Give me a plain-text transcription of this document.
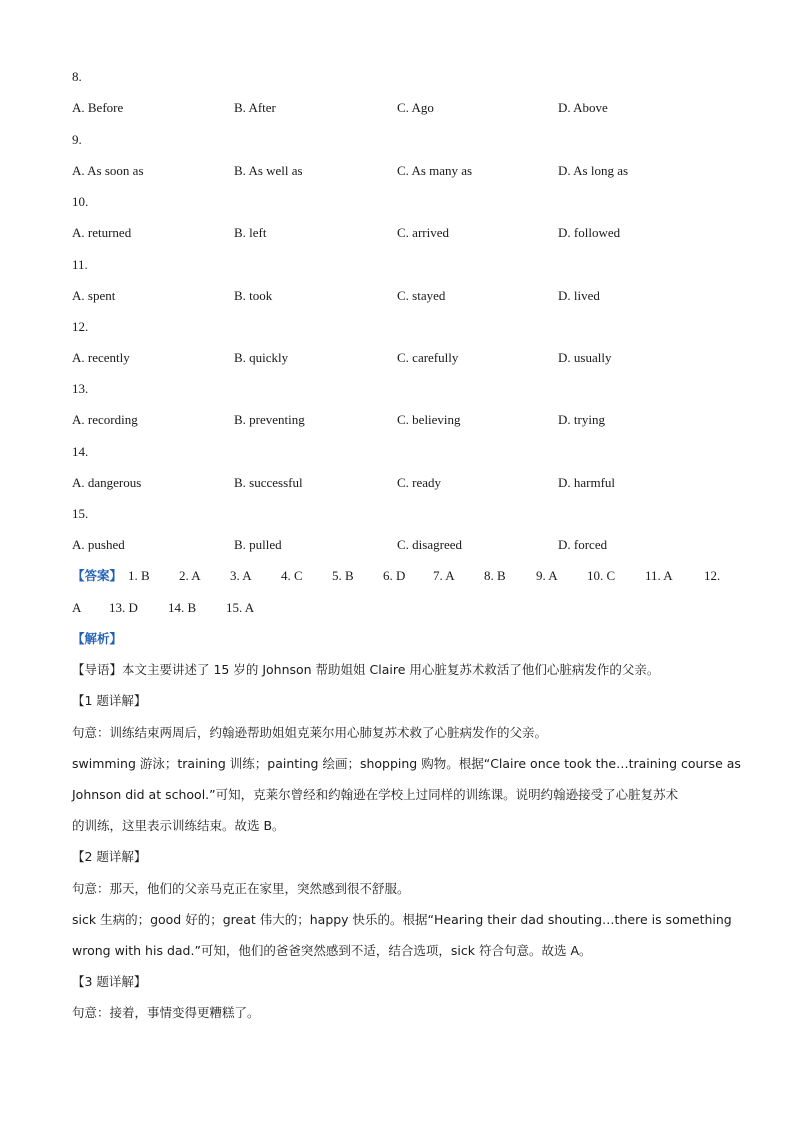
8.
A. Before	B. After	C. Ago	D. Above
9.
A. As soon as	B. As well as	C. As many as	D. As long as
10.
A. returned	B. left	C. arrived	D. followed
11.
A. spent	B. took	C. stayed	D. lived
12.
A. recently	B. quickly	C. carefully	D. usually
13.
A. recording	B. preventing	C. believing	D. trying
14.
A. dangerous	B. successful	C. ready	D. harmful
15.
A. pushed	B. pulled	C. disagreed	D. forced
【答案】 1. B 2. A 3. A 4. C 5. B 6. D 7. A 8. B 9. A 10. C 11. A 12.
A 13. D 14. B 15. A
【解析】
【导语】本文主要讲述了 15 岁的 Johnson 帮助姐姐 Claire 用心脏复苏术救活了他们心脏病发作的父亲。
【1 题详解】
句意：训练结束两周后，约翰逊帮助姐姐克莱尔用心肺复苏术救了心脏病发作的父亲。
swimming 游泳；training 训练；painting 绘画；shopping 购物。根据“Claire once took the…training course as
Johnson did at school.”可知，克莱尔曾经和约翰逊在学校上过同样的训练课。说明约翰逊接受了心脏复苏术
的训练，这里表示训练结束。故选 B。
【2 题详解】
句意：那天，他们的父亲马克正在家里，突然感到很不舒服。
sick 生病的；good 好的；great 伟大的；happy 快乐的。根据“Hearing their dad shouting…there is something
wrong with his dad.”可知，他们的爸爸突然感到不适，结合选项，sick 符合句意。故选 A。
【3 题详解】
句意：接着，事情变得更糟糕了。
